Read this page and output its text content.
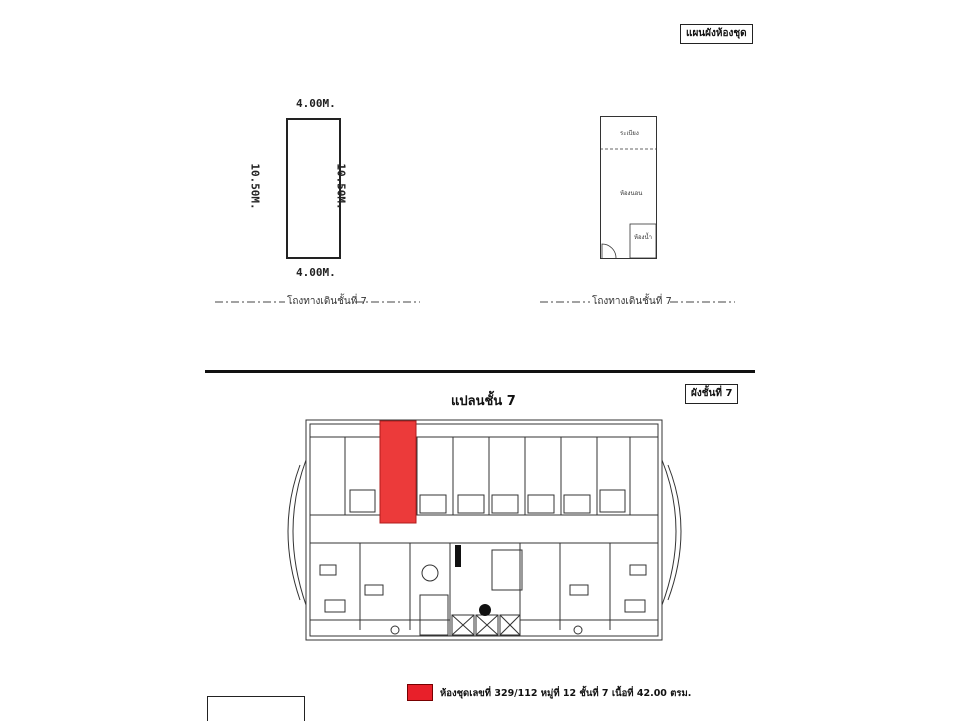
แผนผังห้องชุด
4.00M.
4.00M.
10.50M.	10.50M.
ระเบียง
ห้องนอน
ห้องน้ำ
โถงทางเดินชั้นที่ 7	โถงทางเดินชั้นที่ 7
แปลนชั้น 7
ผังชั้นที่ 7
ห้องชุดเลขที่ 329/112 หมู่ที่ 12 ชั้นที่ 7 เนื้อที่ 42.00 ตรม.
